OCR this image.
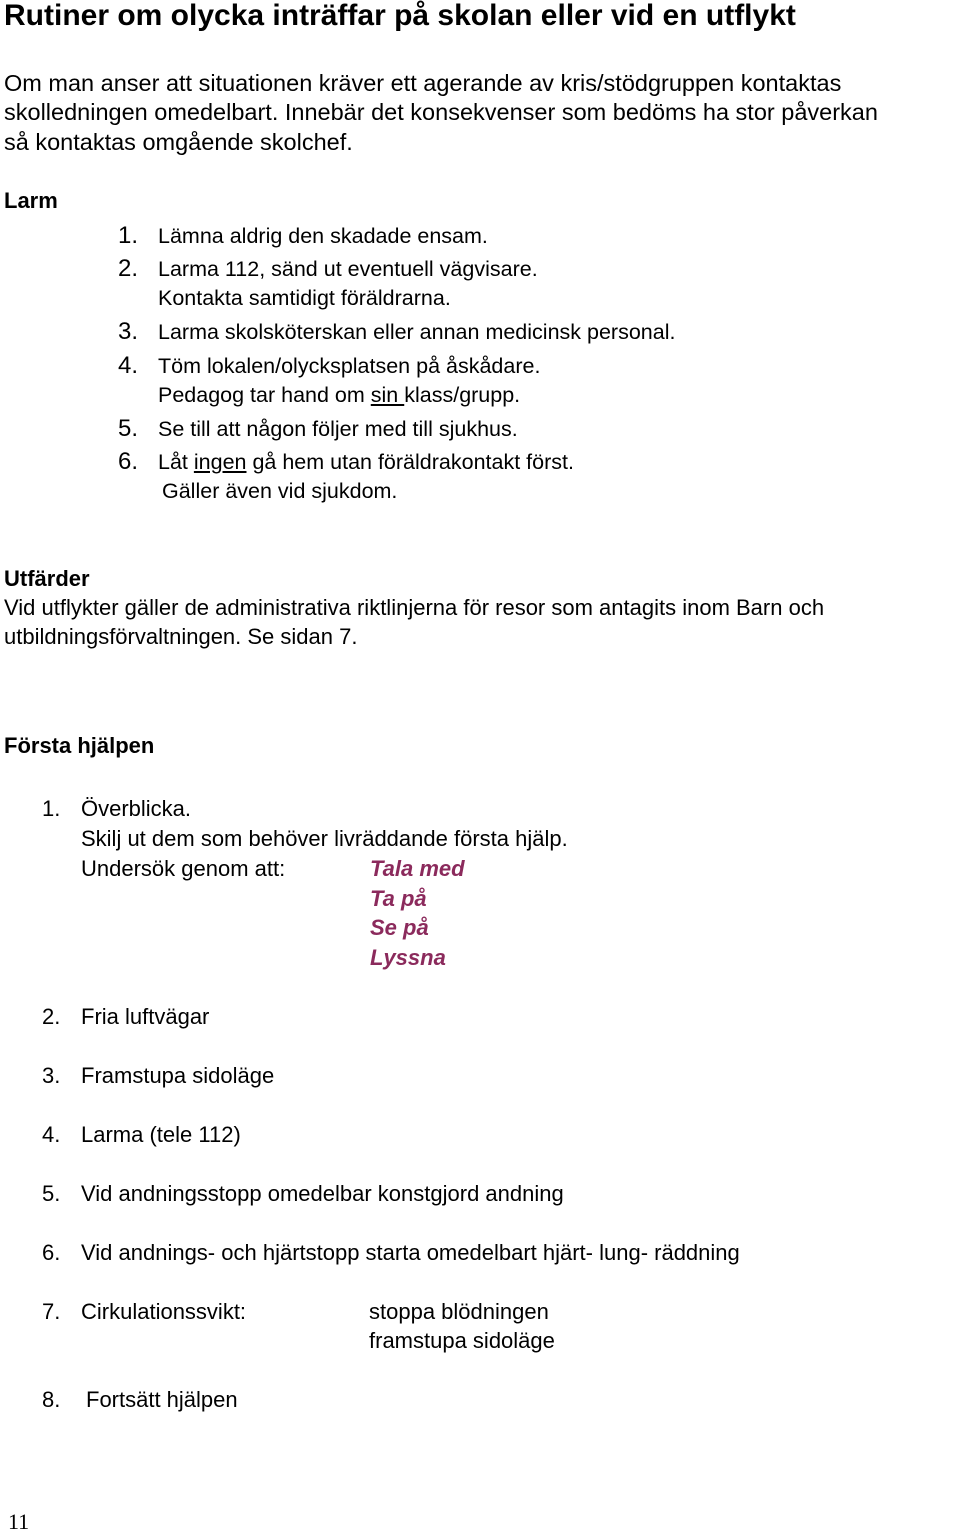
Rutiner om olycka inträffar på skolan eller vid en utflykt
Om man anser att situationen kräver ett agerande av kris/stödgruppen kontaktas
skolledningen omedelbart. Innebär det konsekvenser som bedöms ha stor påverkan
så kontaktas omgående skolchef.
Larm
1. Lämna aldrig den skadade ensam.
2. Larma 112, sänd ut eventuell vägvisare.
Kontakta samtidigt föräldrarna.
3. Larma skolsköterskan eller annan medicinsk personal.
4. Töm lokalen/olycksplatsen på åskådare.
Pedagog tar hand om sin klass/grupp.
5. Se till att någon följer med till sjukhus.
6. Låt ingen gå hem utan föräldrakontakt först.
Gäller även vid sjukdom.
Utfärder
Vid utflykter gäller de administrativa riktlinjerna för resor som antagits inom Barn och
utbildningsförvaltningen. Se sidan 7.
Första hjälpen
1. Överblicka.
Skilj ut dem som behöver livräddande första hjälp.
Undersök genom att:	Tala med
Ta på
Se på
Lyssna
2. Fria luftvägar
3. Framstupa sidoläge
4. Larma (tele 112)
5. Vid andningsstopp omedelbar konstgjord andning
6. Vid andnings- och hjärtstopp starta omedelbart hjärt- lung- räddning
7. Cirkulationssvikt:	stoppa blödningen
framstupa sidoläge
8. Fortsätt hjälpen
11
